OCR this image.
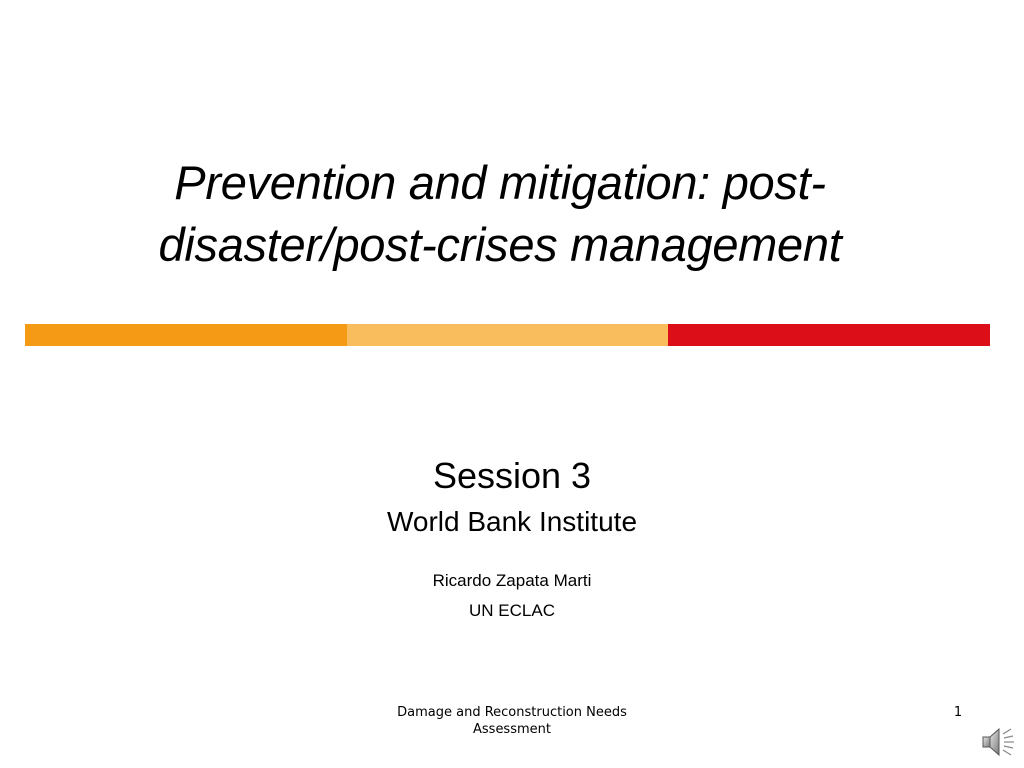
Prevention and mitigation: post-
disaster/post-crises management
Session 3
World Bank Institute
Ricardo Zapata Marti
UN ECLAC
Damage and Reconstruction Needs Assessment
1
